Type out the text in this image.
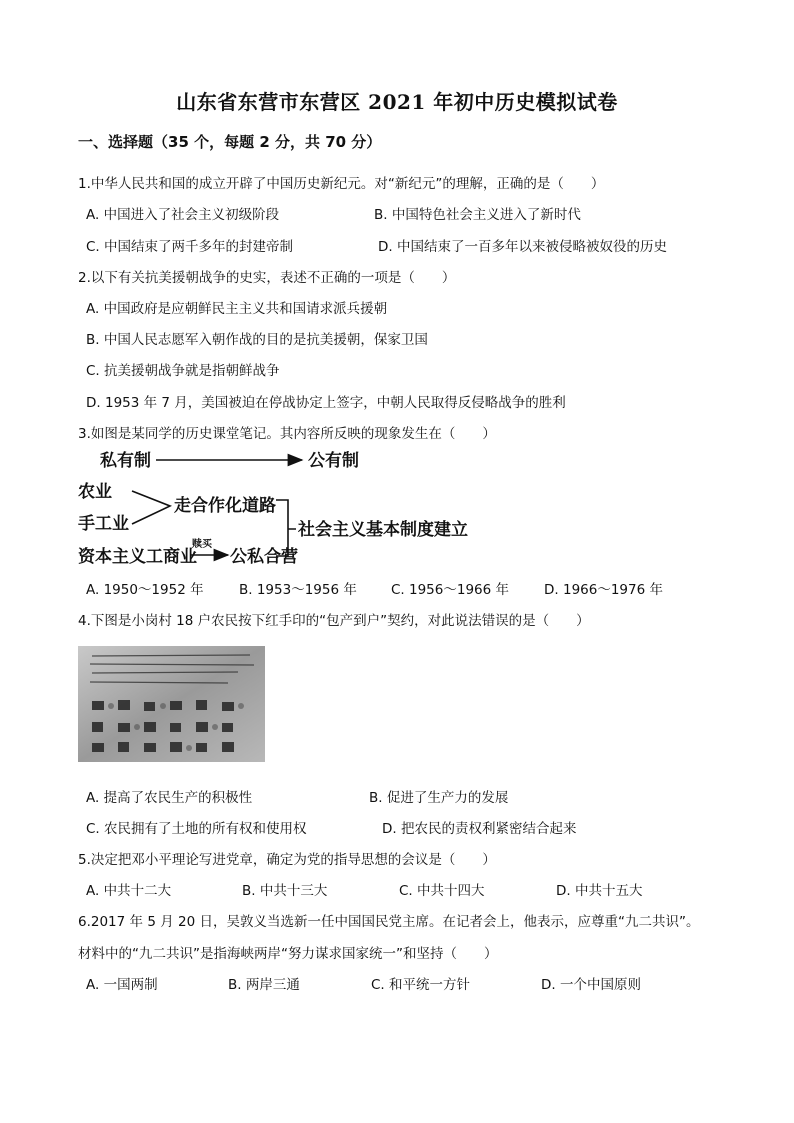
山东省东营市东营区 2021 年初中历史模拟试卷
一、选择题（35 个，每题 2 分，共 70 分）
1.中华人民共和国的成立开辟了中国历史新纪元。对“新纪元”的理解，正确的是（　　）
A. 中国进入了社会主义初级阶段	B. 中国特色社会主义进入了新时代
C. 中国结束了两千多年的封建帝制	D. 中国结束了一百多年以来被侵略被奴役的历史
2.以下有关抗美援朝战争的史实，表述不正确的一项是（　　）
A. 中国政府是应朝鲜民主主义共和国请求派兵援朝
B. 中国人民志愿军入朝作战的目的是抗美援朝，保家卫国
C. 抗美援朝战争就是指朝鲜战争
D. 1953 年 7 月，美国被迫在停战协定上签字，中朝人民取得反侵略战争的胜利
3.如图是某同学的历史课堂笔记。其内容所反映的现象发生在（　　）
私有制	公有制
农业
手工业
走合作化道路
资本主义工商业
赎买
公私合营
社会主义基本制度建立
A. 1950～1952 年	B. 1953～1956 年	C. 1956～1966 年	D. 1966～1976 年
4.下图是小岗村 18 户农民按下红手印的“包产到户”契约，对此说法错误的是（　　）
A. 提高了农民生产的积极性	B. 促进了生产力的发展
C. 农民拥有了土地的所有权和使用权	D. 把农民的责权利紧密结合起来
5.决定把邓小平理论写进党章，确定为党的指导思想的会议是（　　）
A. 中共十二大	B. 中共十三大	C. 中共十四大	D. 中共十五大
6.2017 年 5 月 20 日，吴敦义当选新一任中国国民党主席。在记者会上，他表示，应尊重“九二共识”。
材料中的“九二共识”是指海峡两岸“努力谋求国家统一”和坚持（　　）
A. 一国两制	B. 两岸三通	C. 和平统一方针	D. 一个中国原则
